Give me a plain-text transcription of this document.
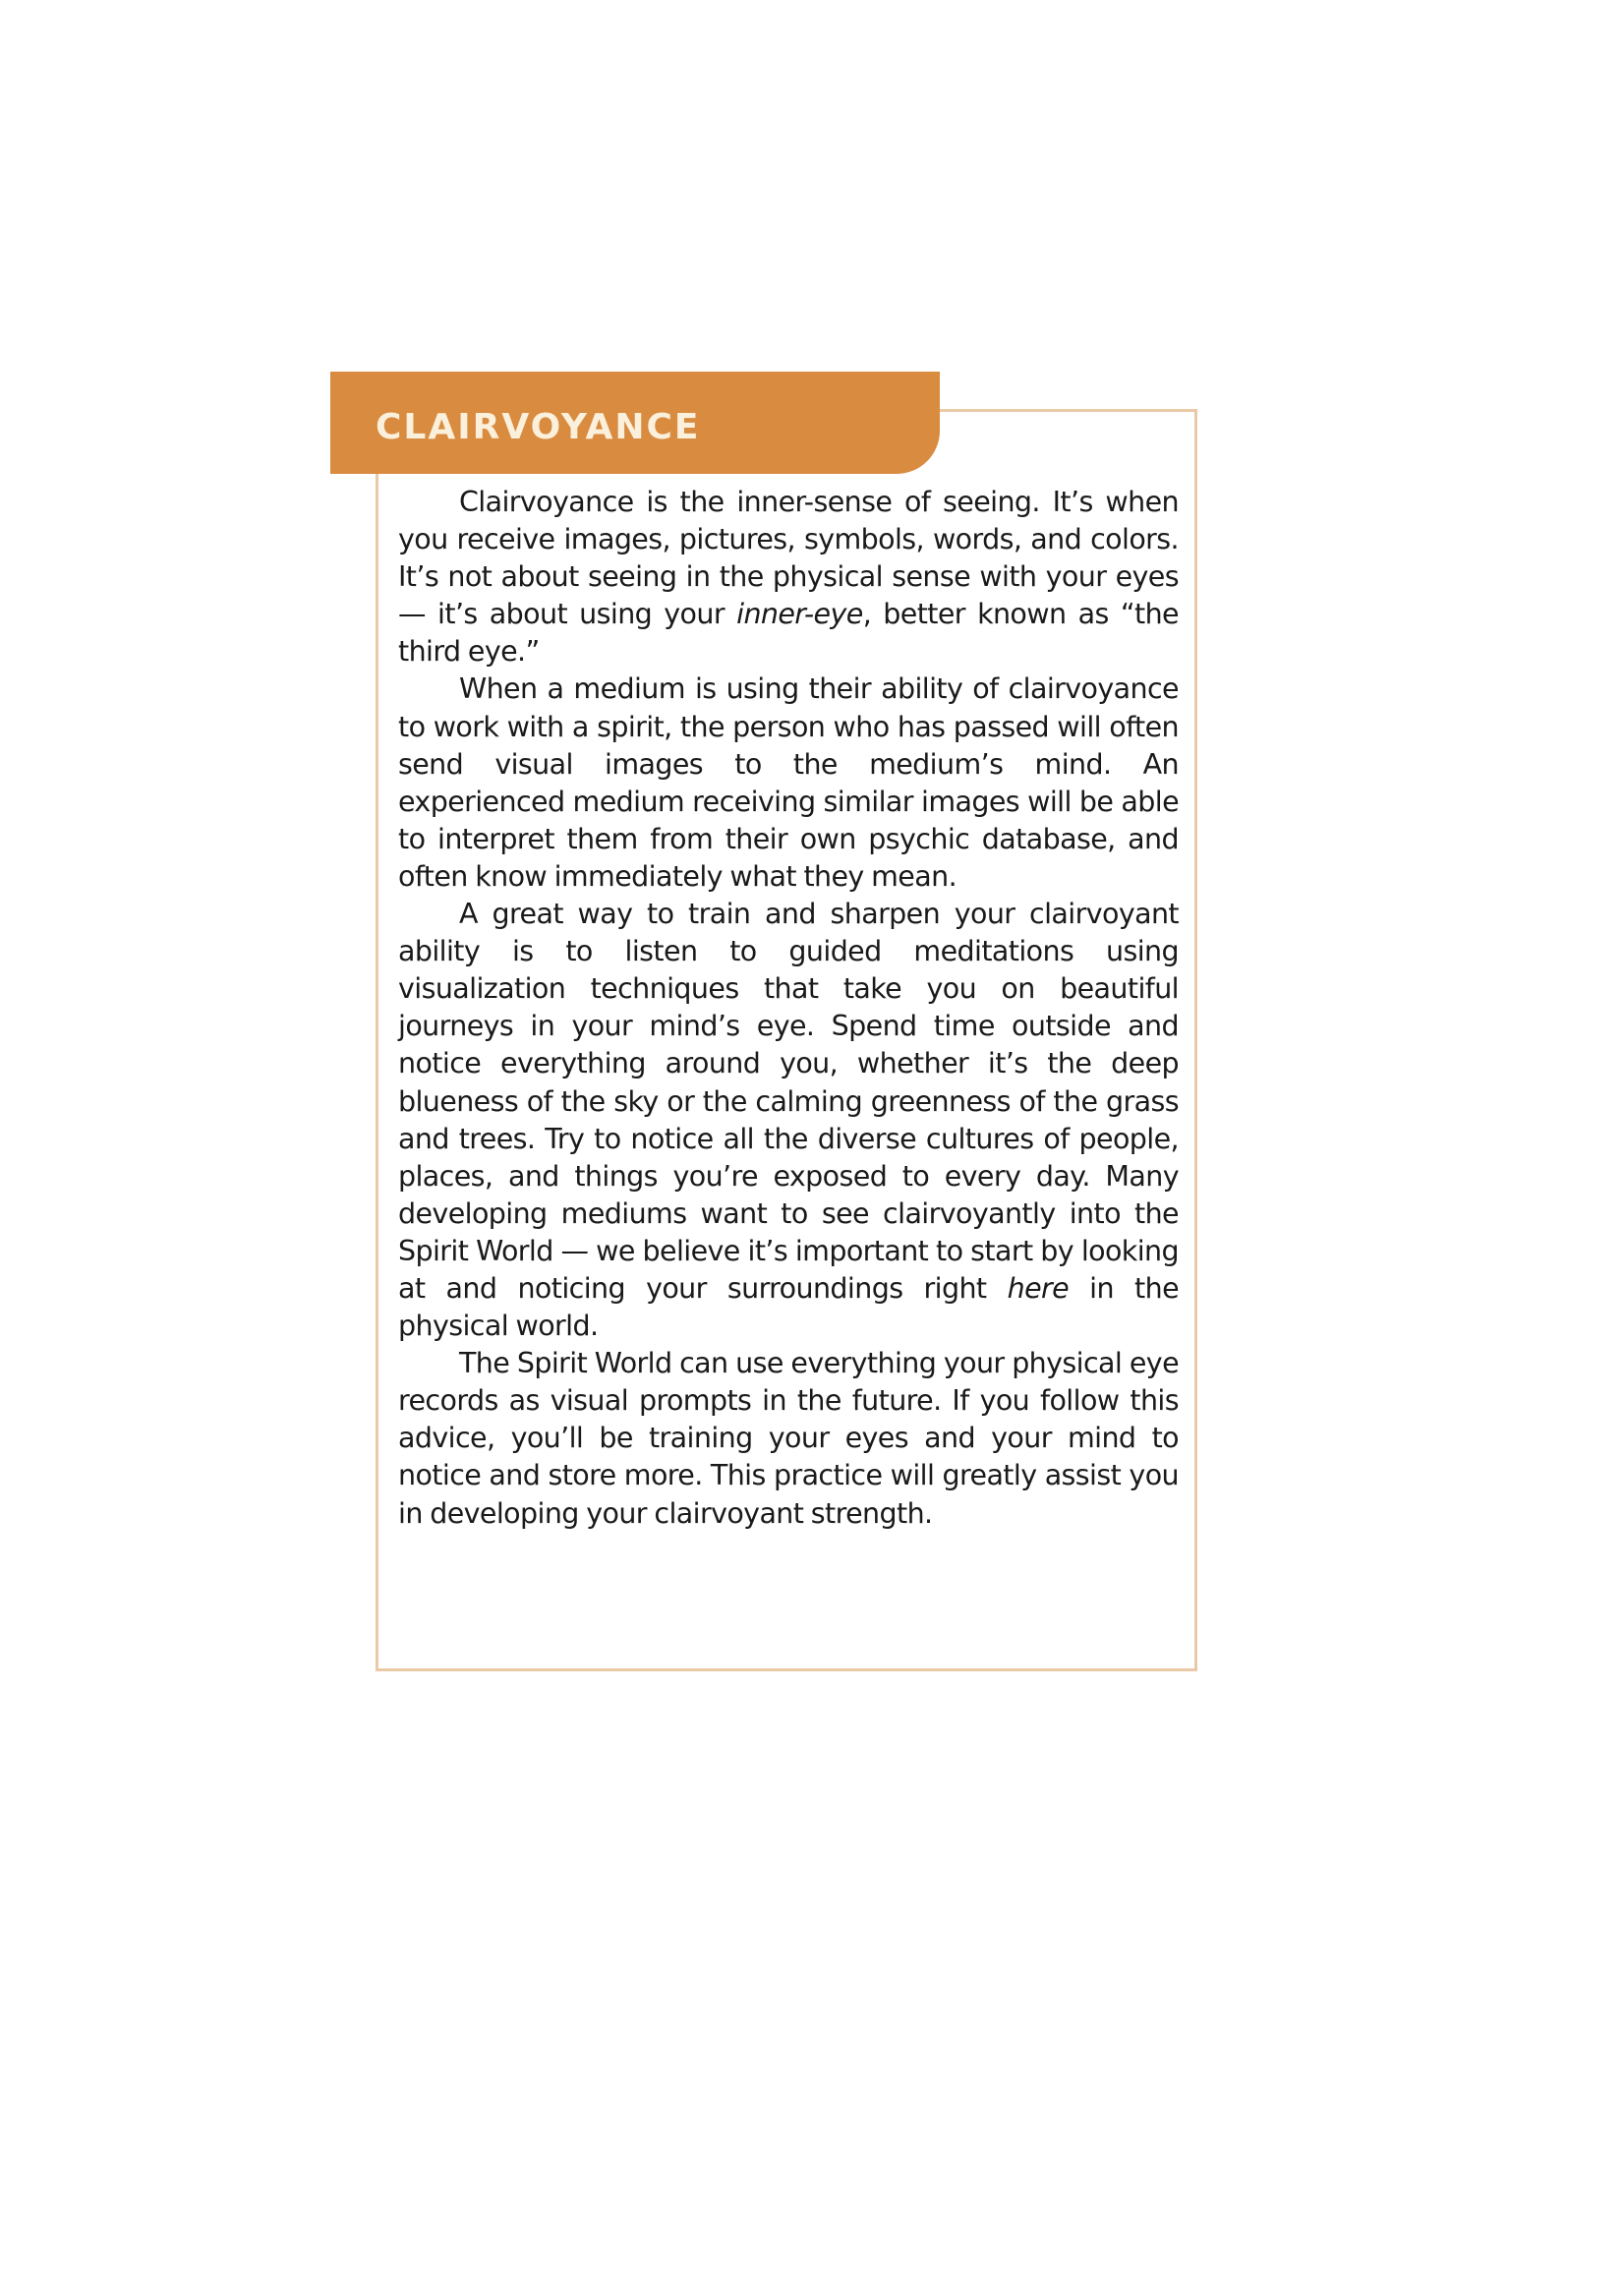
CLAIRVOYANCE

Clairvoyance is the inner-sense of seeing. It’s when you receive images, pictures, symbols, words, and colors. It’s not about seeing in the physical sense with your eyes — it’s about using your inner-eye, better known as “the third eye.”

When a medium is using their ability of clairvoyance to work with a spirit, the person who has passed will often send visual images to the medium’s mind. An experienced medium receiving similar images will be able to interpret them from their own psychic database, and often know immediately what they mean.

A great way to train and sharpen your clairvoyant ability is to listen to guided meditations using visualization techniques that take you on beautiful journeys in your mind’s eye. Spend time outside and notice everything around you, whether it’s the deep blueness of the sky or the calming greenness of the grass and trees. Try to notice all the diverse cultures of people, places, and things you’re exposed to every day. Many developing mediums want to see clairvoyantly into the Spirit World — we believe it’s important to start by looking at and noticing your surroundings right here in the physical world.

The Spirit World can use everything your physical eye records as visual prompts in the future. If you follow this advice, you’ll be training your eyes and your mind to notice and store more. This practice will greatly assist you in developing your clairvoyant strength.
